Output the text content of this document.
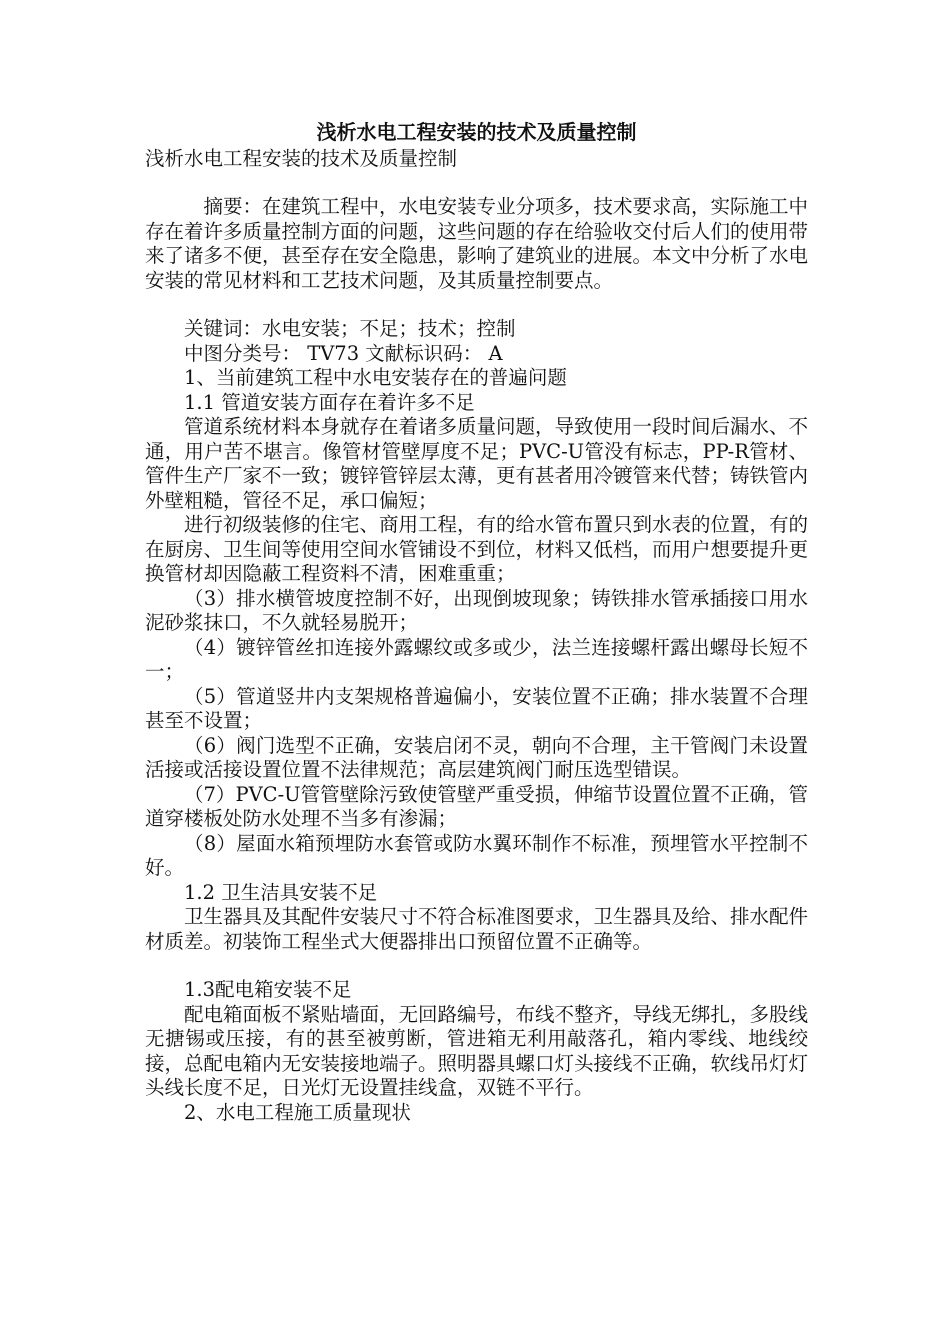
浅析水电工程安装的技术及质量控制

浅析水电工程安装的技术及质量控制

摘要：在建筑工程中，水电安装专业分项多，技术要求高，实际施工中存在着许多质量控制方面的问题，这些问题的存在给验收交付后人们的使用带来了诸多不便，甚至存在安全隐患，影响了建筑业的进展。本文中分析了水电安装的常见材料和工艺技术问题，及其质量控制要点。

关键词：水电安装；不足；技术；控制

中图分类号： TV73 文献标识码： A

1、当前建筑工程中水电安装存在的普遍问题

1.1 管道安装方面存在着许多不足

管道系统材料本身就存在着诸多质量问题，导致使用一段时间后漏水、不通，用户苦不堪言。像管材管壁厚度不足；PVC-U管没有标志，PP-R管材、管件生产厂家不一致；镀锌管锌层太薄，更有甚者用冷镀管来代替；铸铁管内外壁粗糙，管径不足，承口偏短；

进行初级装修的住宅、商用工程，有的给水管布置只到水表的位置，有的在厨房、卫生间等使用空间水管铺设不到位，材料又低档，而用户想要提升更换管材却因隐蔽工程资料不清，困难重重；

（3）排水横管坡度控制不好，出现倒坡现象；铸铁排水管承插接口用水泥砂浆抹口，不久就轻易脱开；

（4）镀锌管丝扣连接外露螺纹或多或少，法兰连接螺杆露出螺母长短不一；

（5）管道竖井内支架规格普遍偏小，安装位置不正确；排水装置不合理甚至不设置；

（6）阀门选型不正确，安装启闭不灵，朝向不合理，主干管阀门未设置活接或活接设置位置不法律规范；高层建筑阀门耐压选型错误。

（7）PVC-U管管壁除污致使管壁严重受损，伸缩节设置位置不正确，管道穿楼板处防水处理不当多有渗漏；

（8）屋面水箱预埋防水套管或防水翼环制作不标准，预埋管水平控制不好。

1.2 卫生洁具安装不足

卫生器具及其配件安装尺寸不符合标准图要求，卫生器具及给、排水配件材质差。初装饰工程坐式大便器排出口预留位置不正确等。

1.3配电箱安装不足

配电箱面板不紧贴墙面，无回路编号，布线不整齐，导线无绑扎，多股线无搪锡或压接，有的甚至被剪断，管进箱无利用敲落孔，箱内零线、地线绞接，总配电箱内无安装接地端子。照明器具螺口灯头接线不正确，软线吊灯灯头线长度不足，日光灯无设置挂线盒，双链不平行。

2、水电工程施工质量现状
